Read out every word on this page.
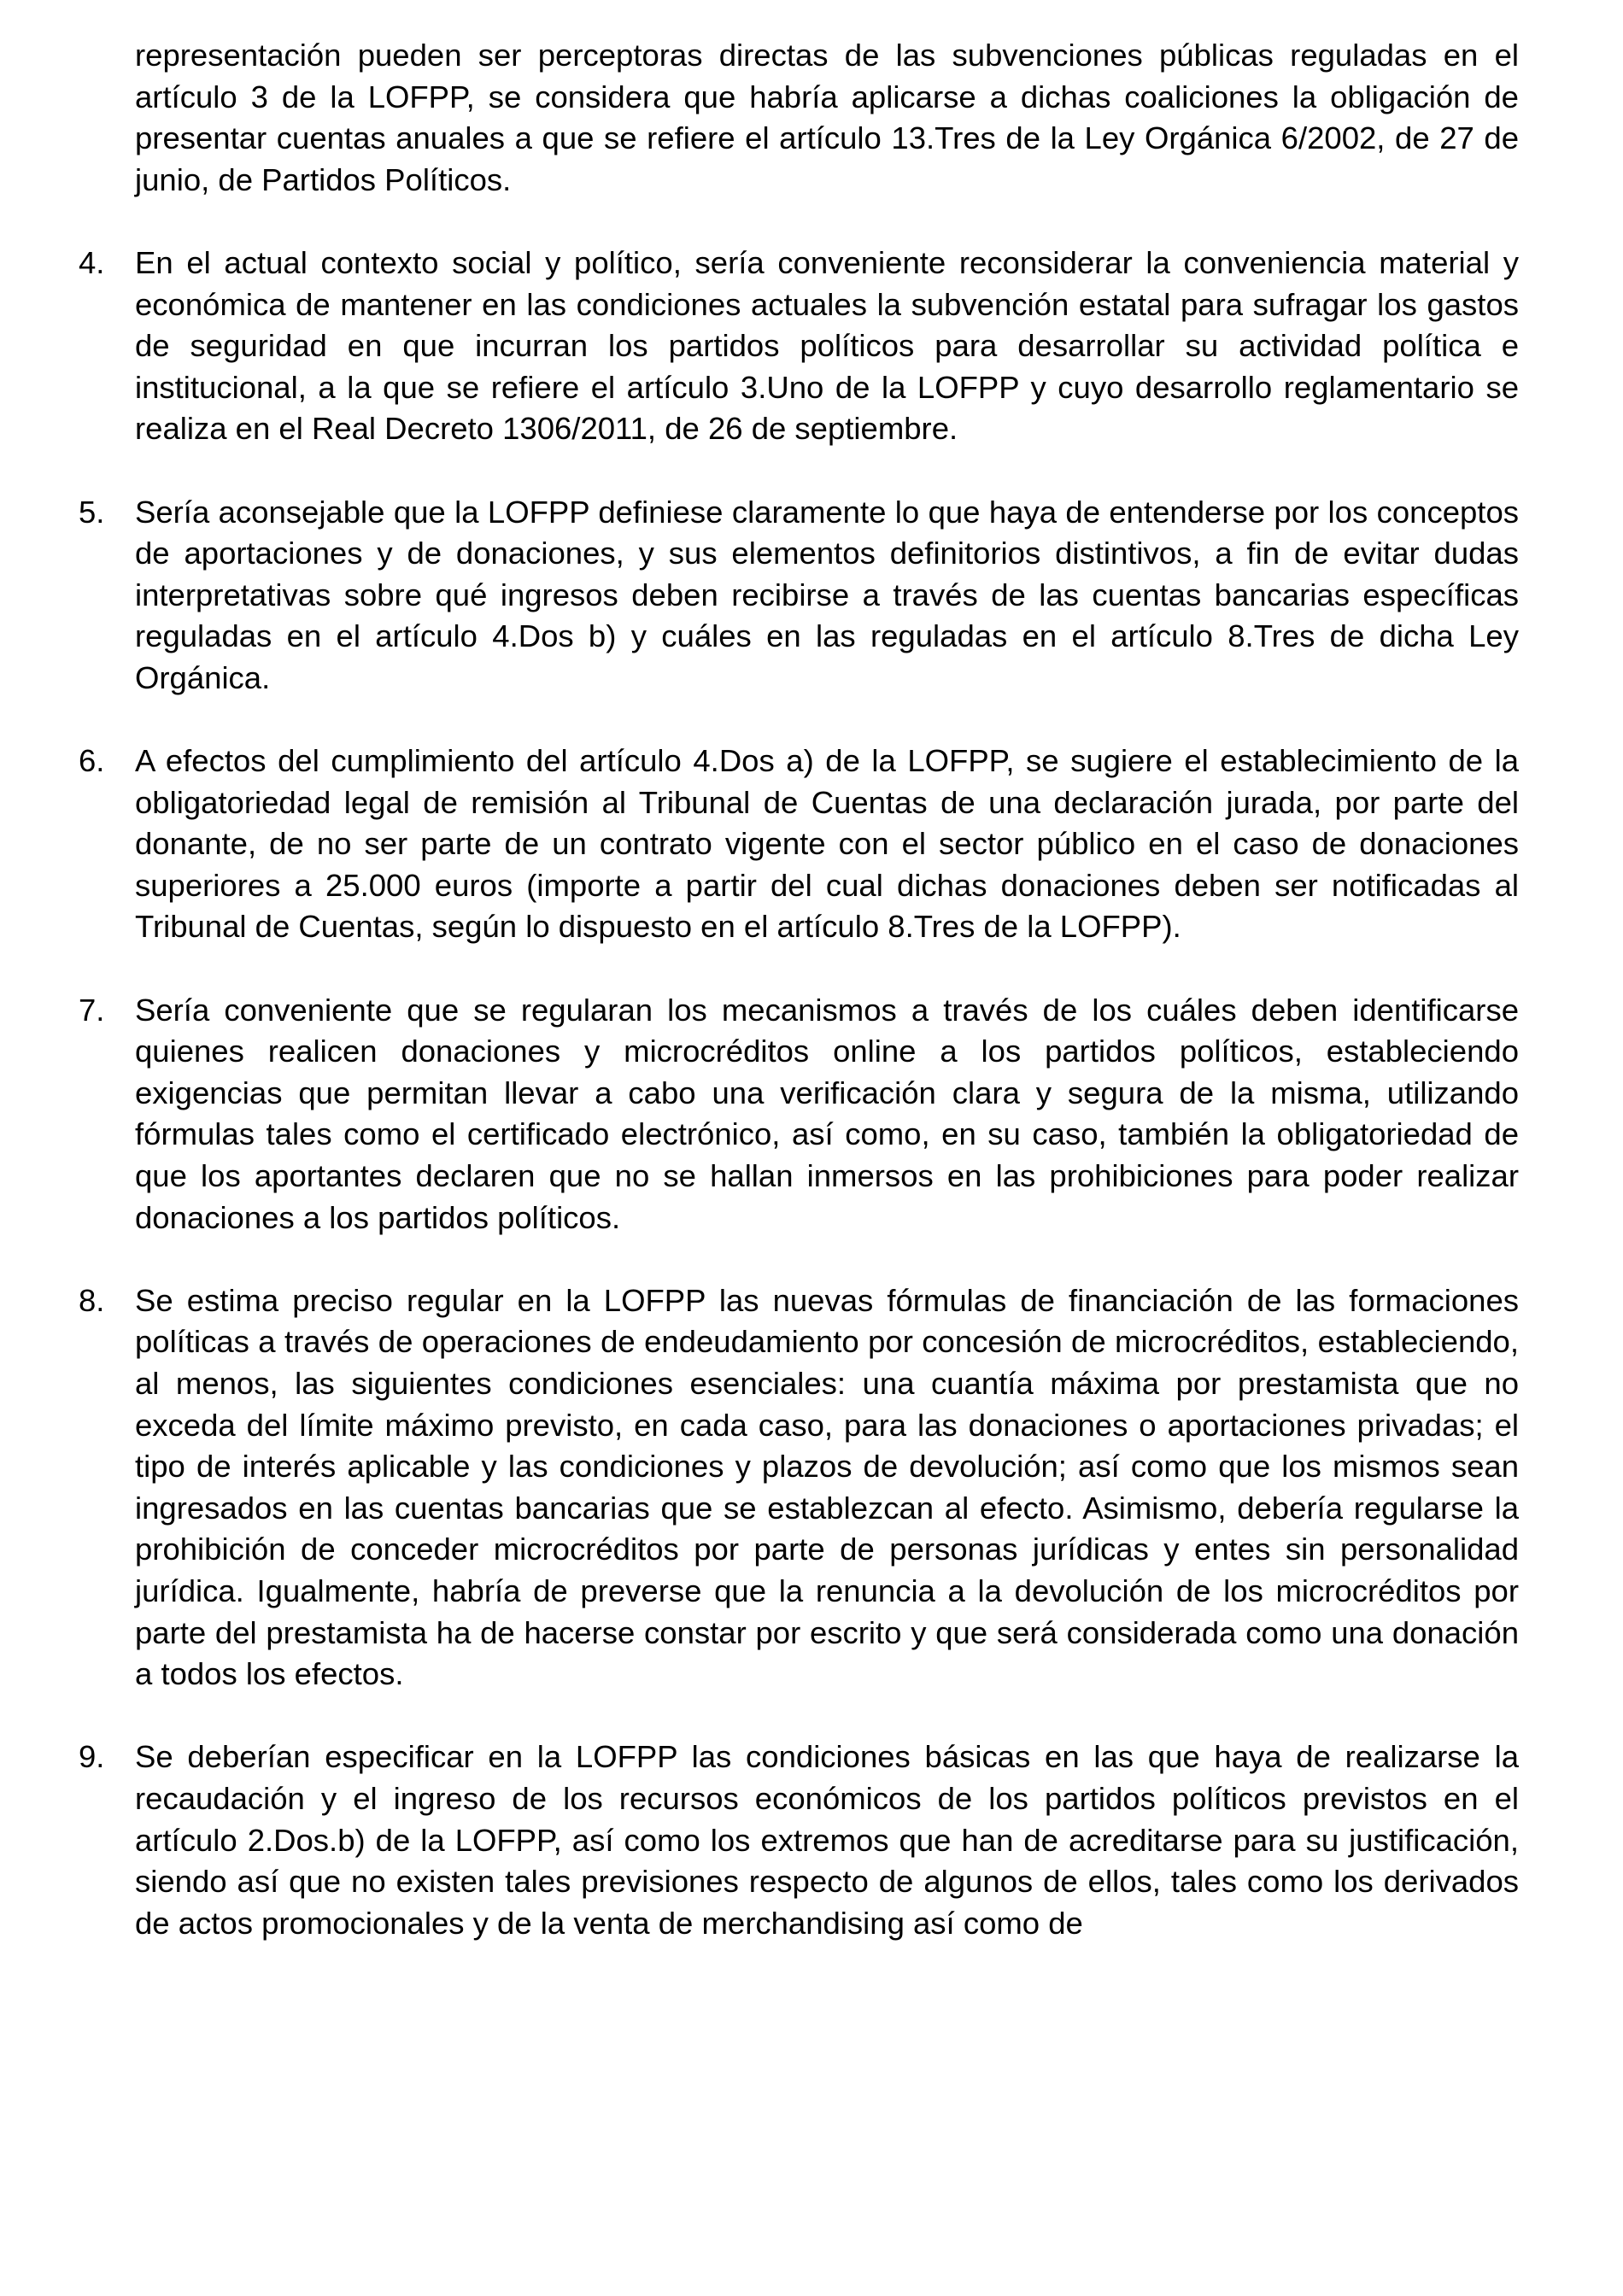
representación pueden ser perceptoras directas de las subvenciones públicas reguladas en el artículo 3 de la LOFPP, se considera que habría aplicarse a dichas coaliciones la obligación de presentar cuentas anuales a que se refiere el artículo 13.Tres de la Ley Orgánica 6/2002, de 27 de junio, de Partidos Políticos.

4. En el actual contexto social y político, sería conveniente reconsiderar la conveniencia material y económica de mantener en las condiciones actuales la subvención estatal para sufragar los gastos de seguridad en que incurran los partidos políticos para desarrollar su actividad política e institucional, a la que se refiere el artículo 3.Uno de la LOFPP y cuyo desarrollo reglamentario se realiza en el Real Decreto 1306/2011, de 26 de septiembre.
5. Sería aconsejable que la LOFPP definiese claramente lo que haya de entenderse por los conceptos de aportaciones y de donaciones, y sus elementos definitorios distintivos, a fin de evitar dudas interpretativas sobre qué ingresos deben recibirse a través de las cuentas bancarias específicas reguladas en el artículo 4.Dos b) y cuáles en las reguladas en el artículo 8.Tres de dicha Ley Orgánica.
6. A efectos del cumplimiento del artículo 4.Dos a) de la LOFPP, se sugiere el establecimiento de la obligatoriedad legal de remisión al Tribunal de Cuentas de una declaración jurada, por parte del donante, de no ser parte de un contrato vigente con el sector público en el caso de donaciones superiores a 25.000 euros (importe a partir del cual dichas donaciones deben ser notificadas al Tribunal de Cuentas, según lo dispuesto en el artículo 8.Tres de la LOFPP).
7. Sería conveniente que se regularan los mecanismos a través de los cuáles deben identificarse quienes realicen donaciones y microcréditos online a los partidos políticos, estableciendo exigencias que permitan llevar a cabo una verificación clara y segura de la misma, utilizando fórmulas tales como el certificado electrónico, así como, en su caso, también la obligatoriedad de que los aportantes declaren que no se hallan inmersos en las prohibiciones para poder realizar donaciones a los partidos políticos.
8. Se estima preciso regular en la LOFPP las nuevas fórmulas de financiación de las formaciones políticas a través de operaciones de endeudamiento por concesión de microcréditos, estableciendo, al menos, las siguientes condiciones esenciales: una cuantía máxima por prestamista que no exceda del límite máximo previsto, en cada caso, para las donaciones o aportaciones privadas; el tipo de interés aplicable y las condiciones y plazos de devolución; así como que los mismos sean ingresados en las cuentas bancarias que se establezcan al efecto. Asimismo, debería regularse la prohibición de conceder microcréditos por parte de personas jurídicas y entes sin personalidad jurídica. Igualmente, habría de preverse que la renuncia a la devolución de los microcréditos por parte del prestamista ha de hacerse constar por escrito y que será considerada como una donación a todos los efectos.
9. Se deberían especificar en la LOFPP las condiciones básicas en las que haya de realizarse la recaudación y el ingreso de los recursos económicos de los partidos políticos previstos en el artículo 2.Dos.b) de la LOFPP, así como los extremos que han de acreditarse para su justificación, siendo así que no existen tales previsiones respecto de algunos de ellos, tales como los derivados de actos promocionales y de la venta de merchandising así como de
